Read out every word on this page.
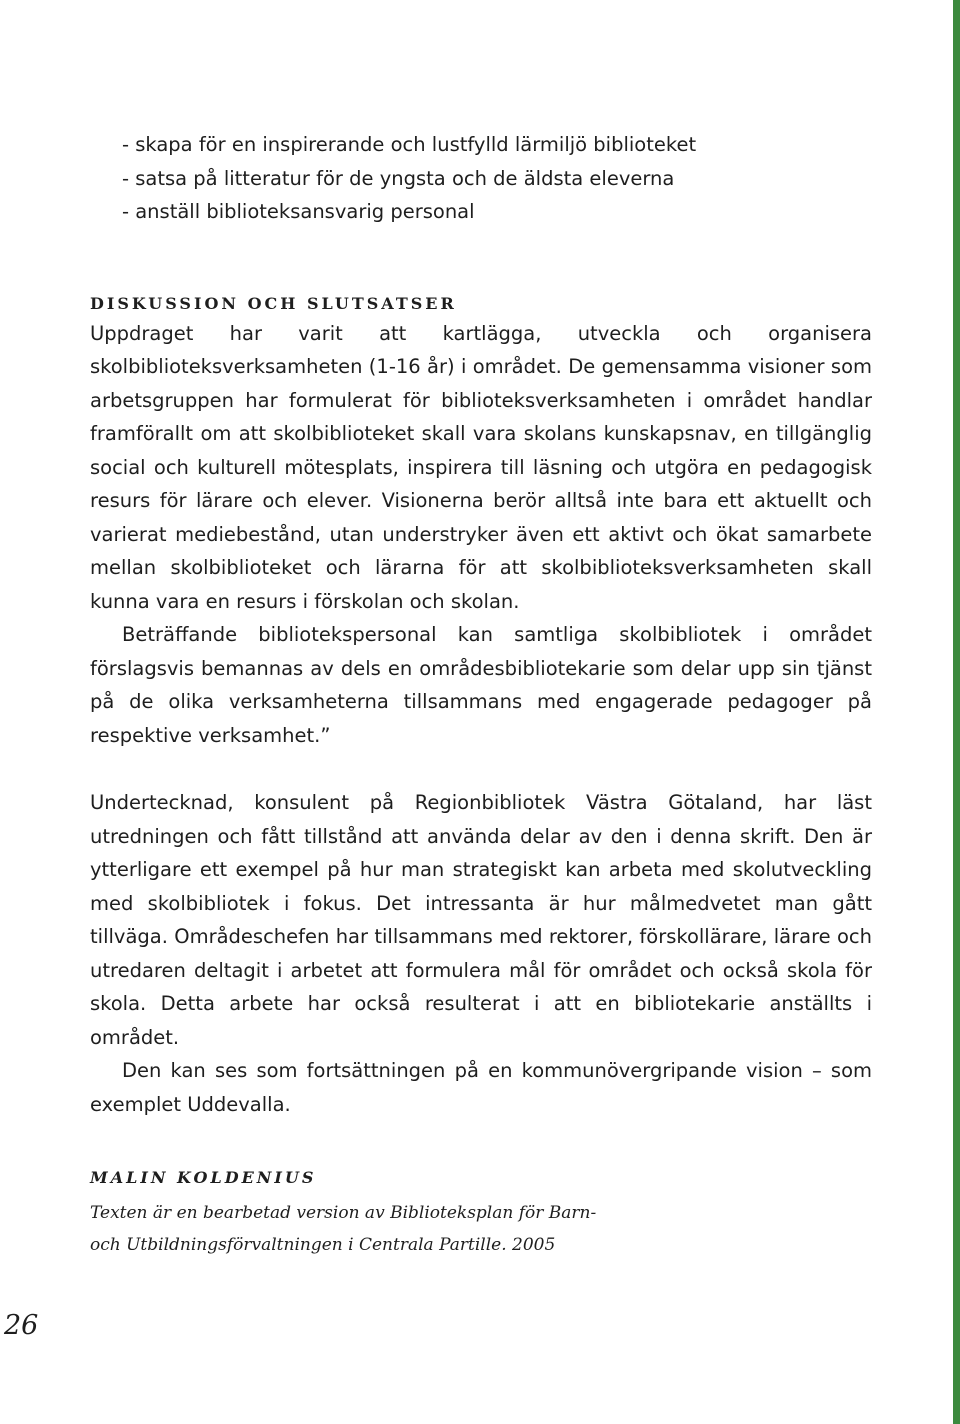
- skapa för en inspirerande och lustfylld lärmiljö biblioteket
- satsa på litteratur för de yngsta och de äldsta eleverna
- anställ biblioteksansvarig personal
DISKUSSION OCH SLUTSATSER

Uppdraget har varit att kartlägga, utveckla och organisera skolbiblioteksverksamheten (1-16 år) i området. De gemensamma visioner som arbetsgruppen har formulerat för biblioteksverksamheten i området handlar framförallt om att skolbiblioteket skall vara skolans kunskapsnav, en tillgänglig social och kulturell mötesplats, inspirera till läsning och utgöra en pedagogisk resurs för lärare och elever. Visionerna berör alltså inte bara ett aktuellt och varierat mediebestånd, utan understryker även ett aktivt och ökat samarbete mellan skolbiblioteket och lärarna för att skolbiblioteksverksamheten skall kunna vara en resurs i förskolan och skolan.

Beträffande bibliotekspersonal kan samtliga skolbibliotek i området förslagsvis bemannas av dels en områdesbibliotekarie som delar upp sin tjänst på de olika verksamheterna tillsammans med engagerade pedagoger på respektive verksamhet.”

Undertecknad, konsulent på Regionbibliotek Västra Götaland, har läst utredningen och fått tillstånd att använda delar av den i denna skrift. Den är ytterligare ett exempel på hur man strategiskt kan arbeta med skolutveckling med skolbibliotek i fokus. Det intressanta är hur målmedvetet man gått tillväga. Områdeschefen har tillsammans med rektorer, förskollärare, lärare och utredaren deltagit i arbetet att formulera mål för området och också skola för skola. Detta arbete har också resulterat i att en bibliotekarie anställts i området.

Den kan ses som fortsättningen på en kommunövergripande vision – som exemplet Uddevalla.

MALIN KOLDENIUS

Texten är en bearbetad version av Biblioteksplan för Barn- och Utbildningsförvaltningen i Centrala Partille. 2005

26
